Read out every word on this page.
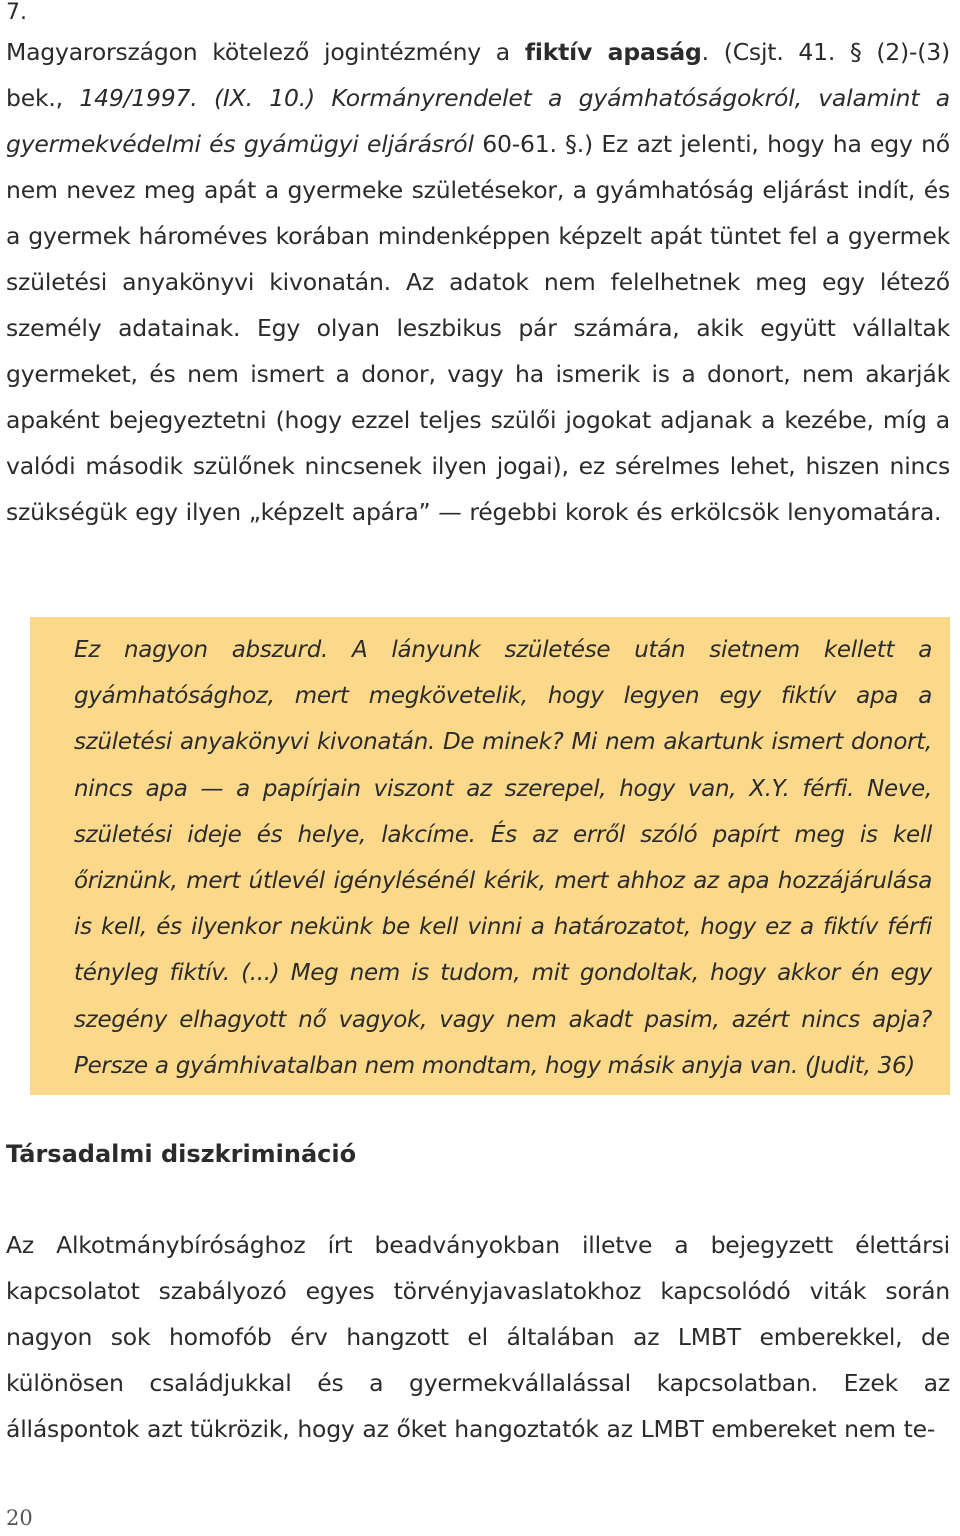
7.

Magyarországon kötelező jogintézmény a fiktív apaság. (Csjt. 41. § (2)-(3) bek., 149/1997. (IX. 10.) Kormányrendelet a gyámhatóságokról, valamint a gyermekvédelmi és gyámügyi eljárásról 60-61. §.) Ez azt jelenti, hogy ha egy nő nem nevez meg apát a gyermeke születésekor, a gyámhatóság eljárást indít, és a gyermek hároméves korában mindenképpen képzelt apát tüntet fel a gyermek születési anyakönyvi kivonatán. Az adatok nem felelhetnek meg egy létező személy adatainak. Egy olyan leszbikus pár számára, akik együtt vállaltak gyermeket, és nem ismert a donor, vagy ha ismerik is a donort, nem akarják apaként bejegyeztetni (hogy ezzel teljes szülői jogokat adjanak a kezébe, míg a valódi második szülőnek nincsenek ilyen jogai), ez sérelmes lehet, hiszen nincs szükségük egy ilyen „képzelt apára” — régebbi korok és erkölcsök lenyomatára.

Ez nagyon abszurd. A lányunk születése után sietnem kellett a gyámhatósághoz, mert megkövetelik, hogy legyen egy fiktív apa a születési anyakönyvi kivonatán. De minek? Mi nem akartunk ismert donort, nincs apa — a papírjain viszont az szerepel, hogy van, X.Y. férfi. Neve, születési ideje és helye, lakcíme. És az erről szóló papírt meg is kell őriznünk, mert útlevél igénylésénél kérik, mert ahhoz az apa hozzájárulása is kell, és ilyenkor nekünk be kell vinni a határozatot, hogy ez a fiktív férfi tényleg fiktív. (...) Meg nem is tudom, mit gondoltak, hogy akkor én egy szegény elhagyott nő vagyok, vagy nem akadt pasim, azért nincs apja? Persze a gyámhivatalban nem mondtam, hogy másik anyja van. (Judit, 36)

Társadalmi diszkrimináció

Az Alkotmánybírósághoz írt beadványokban illetve a bejegyzett élettársi kapcsolatot szabályozó egyes törvényjavaslatokhoz kapcsolódó viták során nagyon sok homofób érv hangzott el általában az LMBT emberekkel, de különösen családjukkal és a gyermekvállalással kapcsolatban. Ezek az álláspontok azt tükrözik, hogy az őket hangoztatók az LMBT embereket nem te-

20
